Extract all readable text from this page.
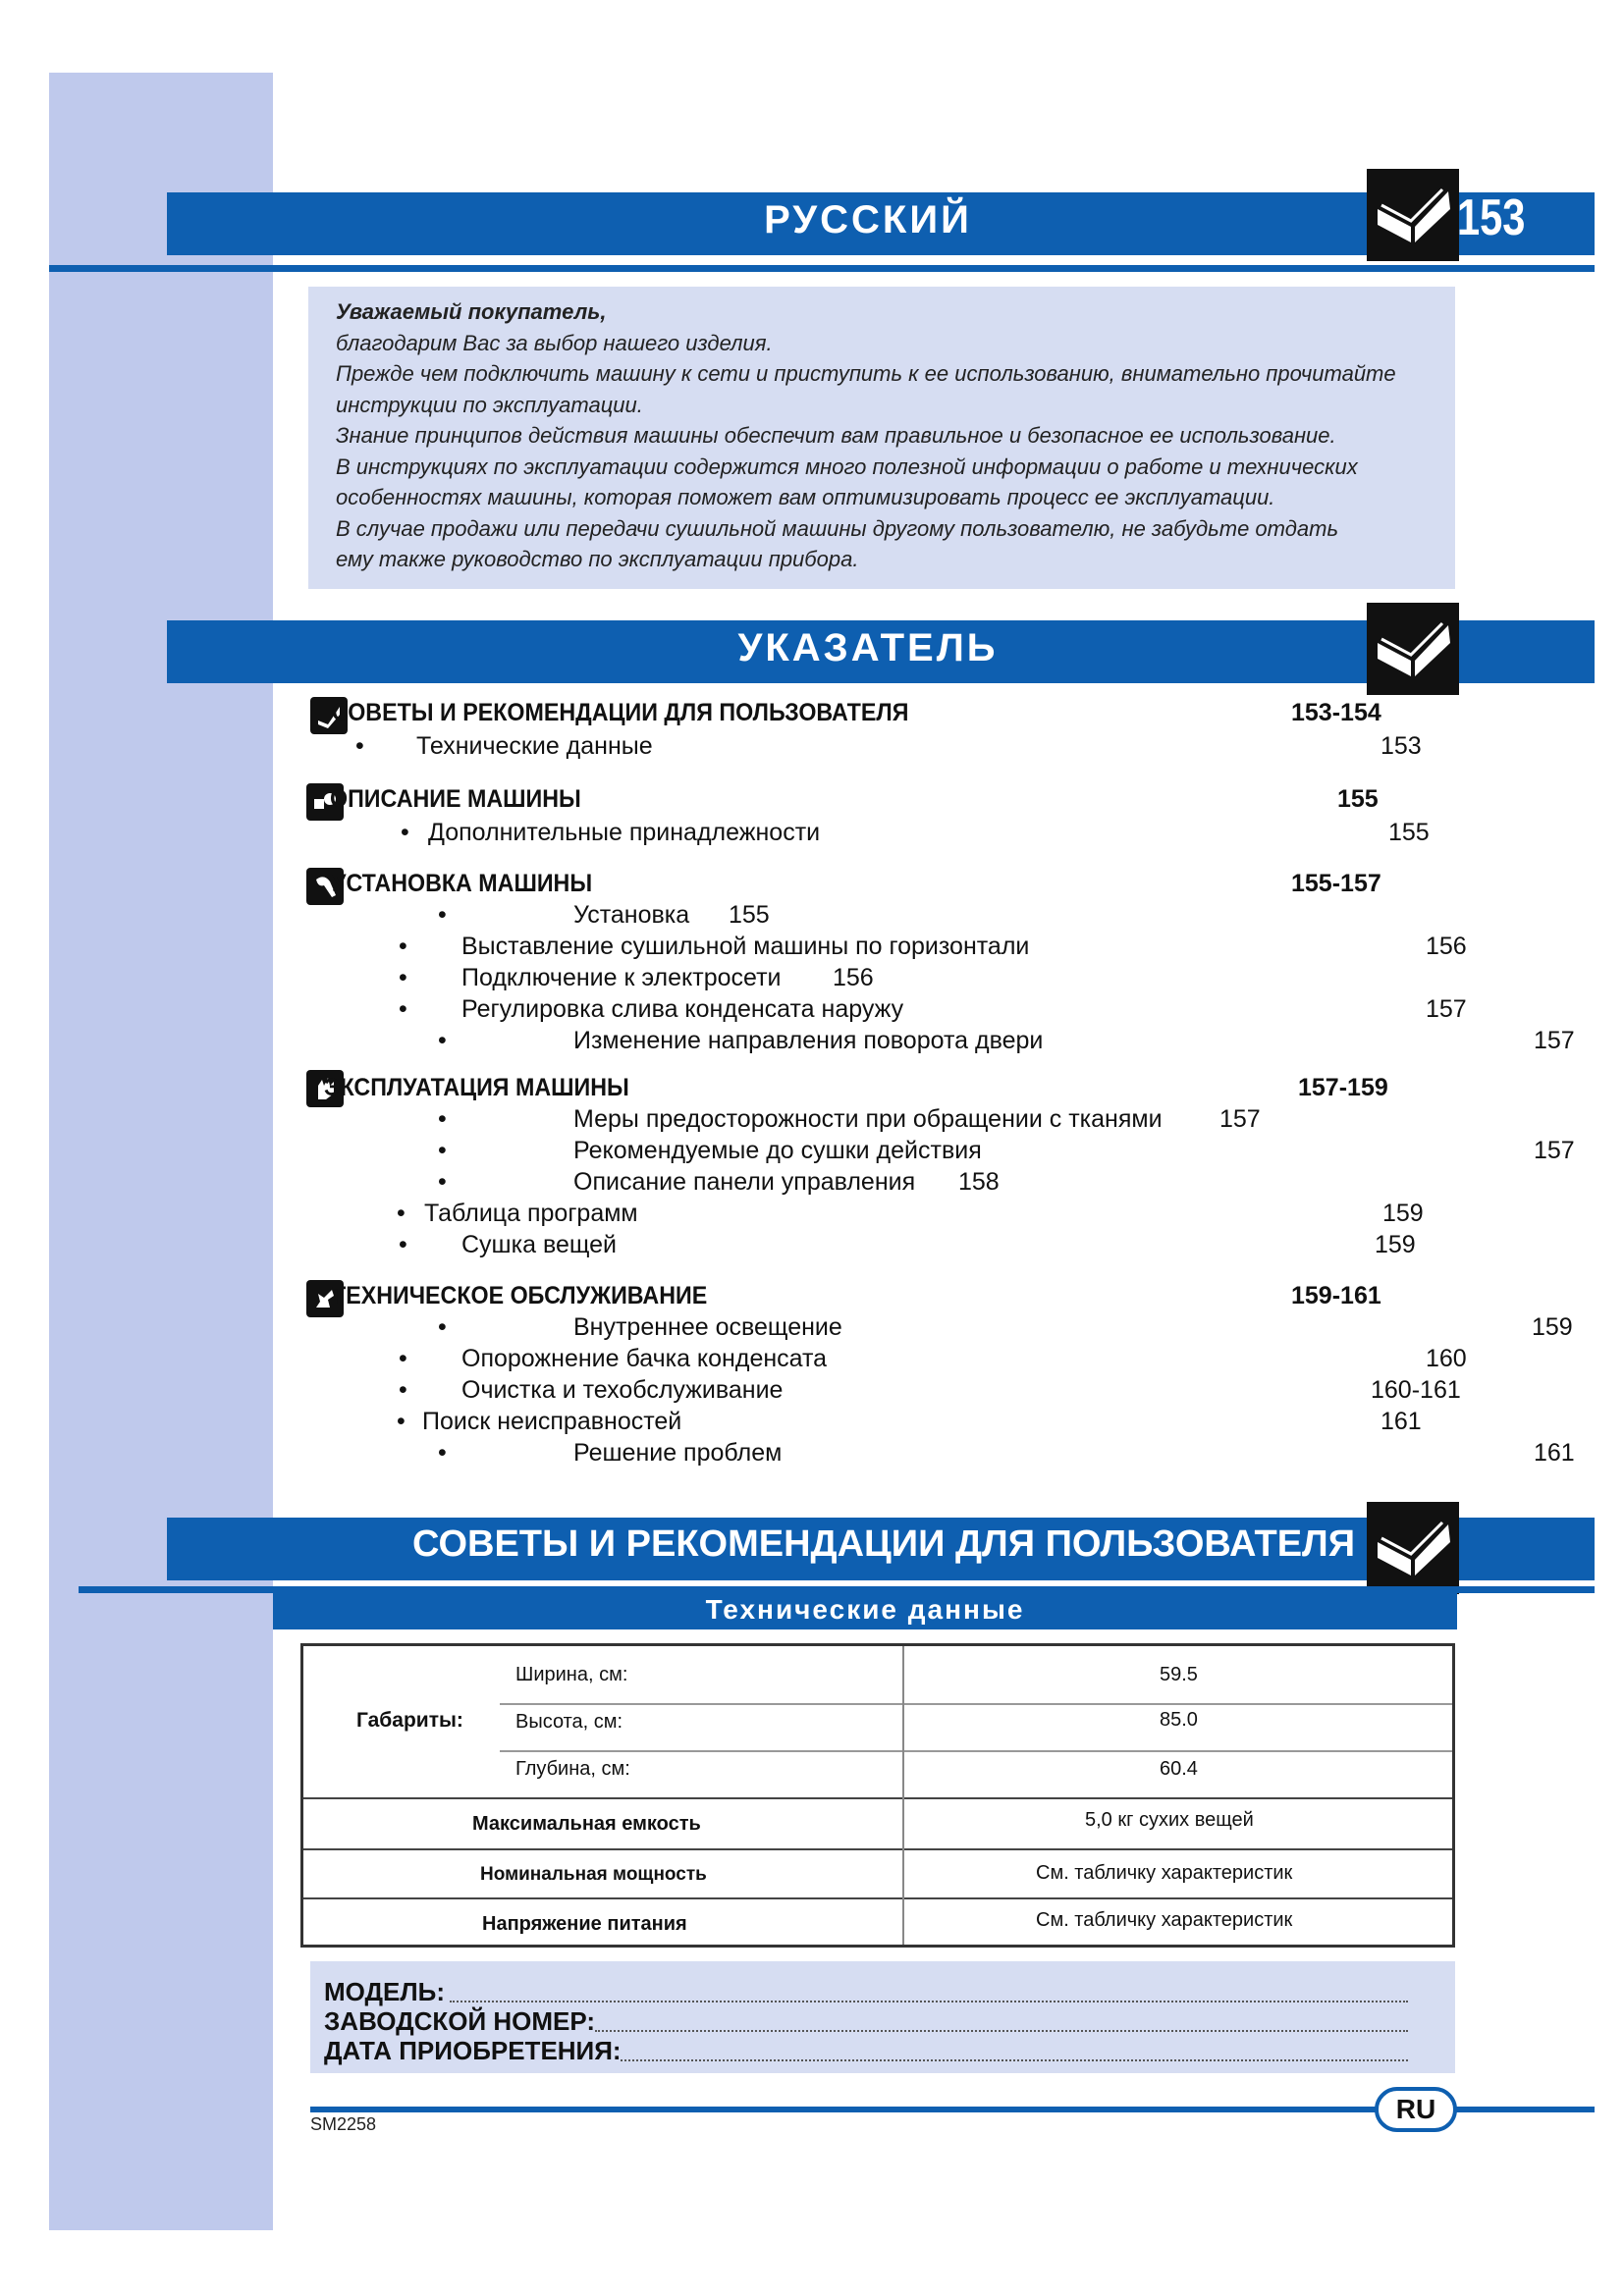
РУССКИЙ	153

Уважаемый покупатель,

благодарим Вас за выбор нашего изделия.

Прежде чем подключить машину к сети и приступить к ее использованию, внимательно прочитайте

инструкции по эксплуатации.

Знание принципов действия машины обеспечит вам правильное и безопасное ее использование.

В инструкциях по эксплуатации содержится много полезной информации о работе и технических

особенностях машины, которая поможет вам оптимизировать процесс ее эксплуатации.

В случае продажи или передачи сушильной машины другому пользователю, не забудьте отдать

ему также руководство по эксплуатации прибора.

УКАЗАТЕЛЬ
СОВЕТЫ И РЕКОМЕНДАЦИИ ДЛЯ ПОЛЬЗОВАТЕЛЯ	153-154
• Технические данные	153
ОПИСАНИЕ МАШИНЫ	155
• Дополнительные принадлежности	155
УСТАНОВКА МАШИНЫ	155-157
•	Установка 155
• Выставление сушильной машины по горизонтали	156
• Подключение к электросети 156
• Регулировка слива конденсата наружу	157
•	Изменение направления поворота двери	157
ЭКСПЛУАТАЦИЯ МАШИНЫ	157-159
•	Меры предосторожности при обращении с тканями 157
•	Рекомендуемые до сушки действия	157
•	Описание панели управления 158
• Таблица программ	159
• Сушка вещей	159
ТЕХНИЧЕСКОЕ ОБСЛУЖИВАНИЕ	159-161
•	Внутреннее освещение	159
• Опорожнение бачка конденсата	160
• Очистка и техобслуживание	160-161
• Поиск неисправностей	161
•	Решение проблем	161
СОВЕТЫ И РЕКОМЕНДАЦИИ ДЛЯ ПОЛЬЗОВАТЕЛЯ
Технические данные
Габариты:
Ширина, см:	59.5
Высота, см:	85.0
Глубина, см:	60.4
Максимальная емкость	5,0 кг сухих вещей
Номинальная мощность	См. табличку характеристик
Напряжение питания	См. табличку характеристик
МОДЕЛЬ:
ЗАВОДСКОЙ НОМЕР:
ДАТА ПРИОБРЕТЕНИЯ:
RU
SM2258
